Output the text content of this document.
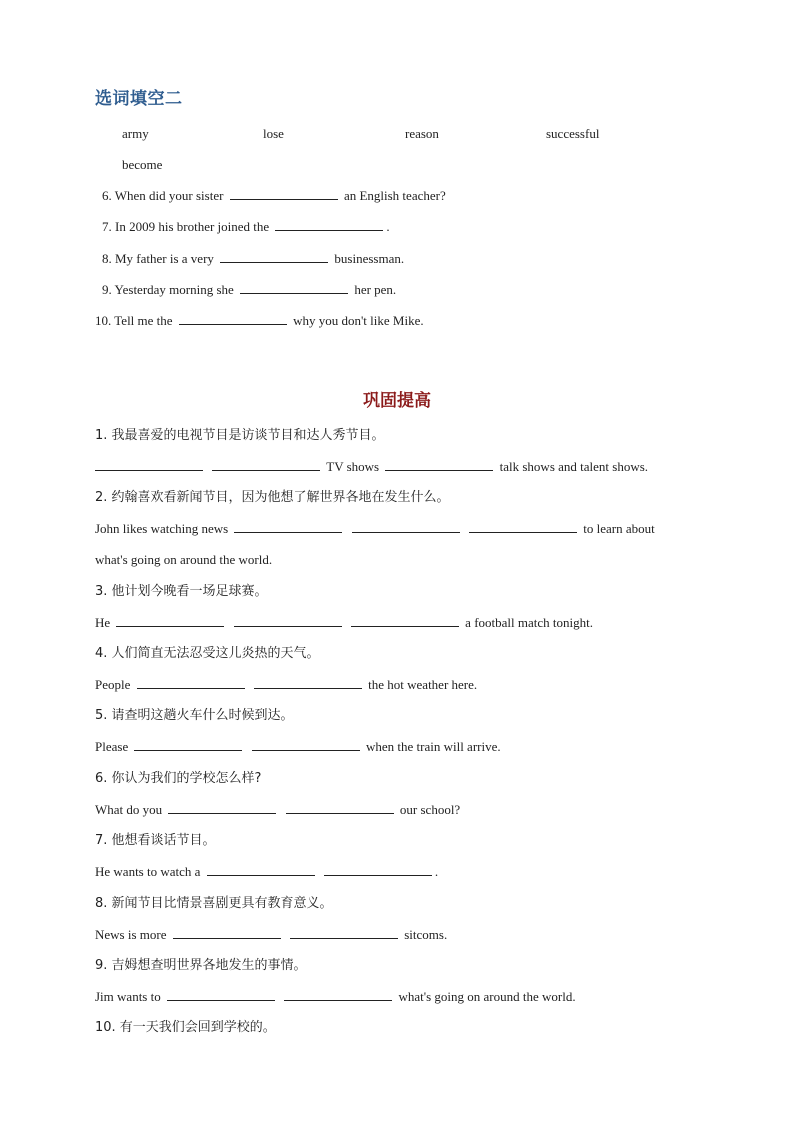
选词填空二
army	lose	reason	successful
become
6. When did your sister	an English teacher?
7. In 2009 his brother joined the	.
8. My father is a very	businessman.
9. Yesterday morning she	her pen.
10. Tell me the	why you don't like Mike.
巩固提高
1. 我最喜爱的电视节目是访谈节目和达人秀节目。
TV shows	talk shows and talent shows.
2. 约翰喜欢看新闻节目，因为他想了解世界各地在发生什么。
John likes watching news	to learn about
what's going on around the world.
3. 他计划今晚看一场足球赛。
He	a football match tonight.
4. 人们简直无法忍受这儿炎热的天气。
People	the hot weather here.
5. 请查明这趟火车什么时候到达。
Please	when the train will arrive.
6. 你认为我们的学校怎么样?
What do you	our school?
7. 他想看谈话节目。
He wants to watch a	.
8. 新闻节目比情景喜剧更具有教育意义。
News is more	sitcoms.
9. 吉姆想查明世界各地发生的事情。
Jim wants to	what's going on around the world.
10. 有一天我们会回到学校的。
